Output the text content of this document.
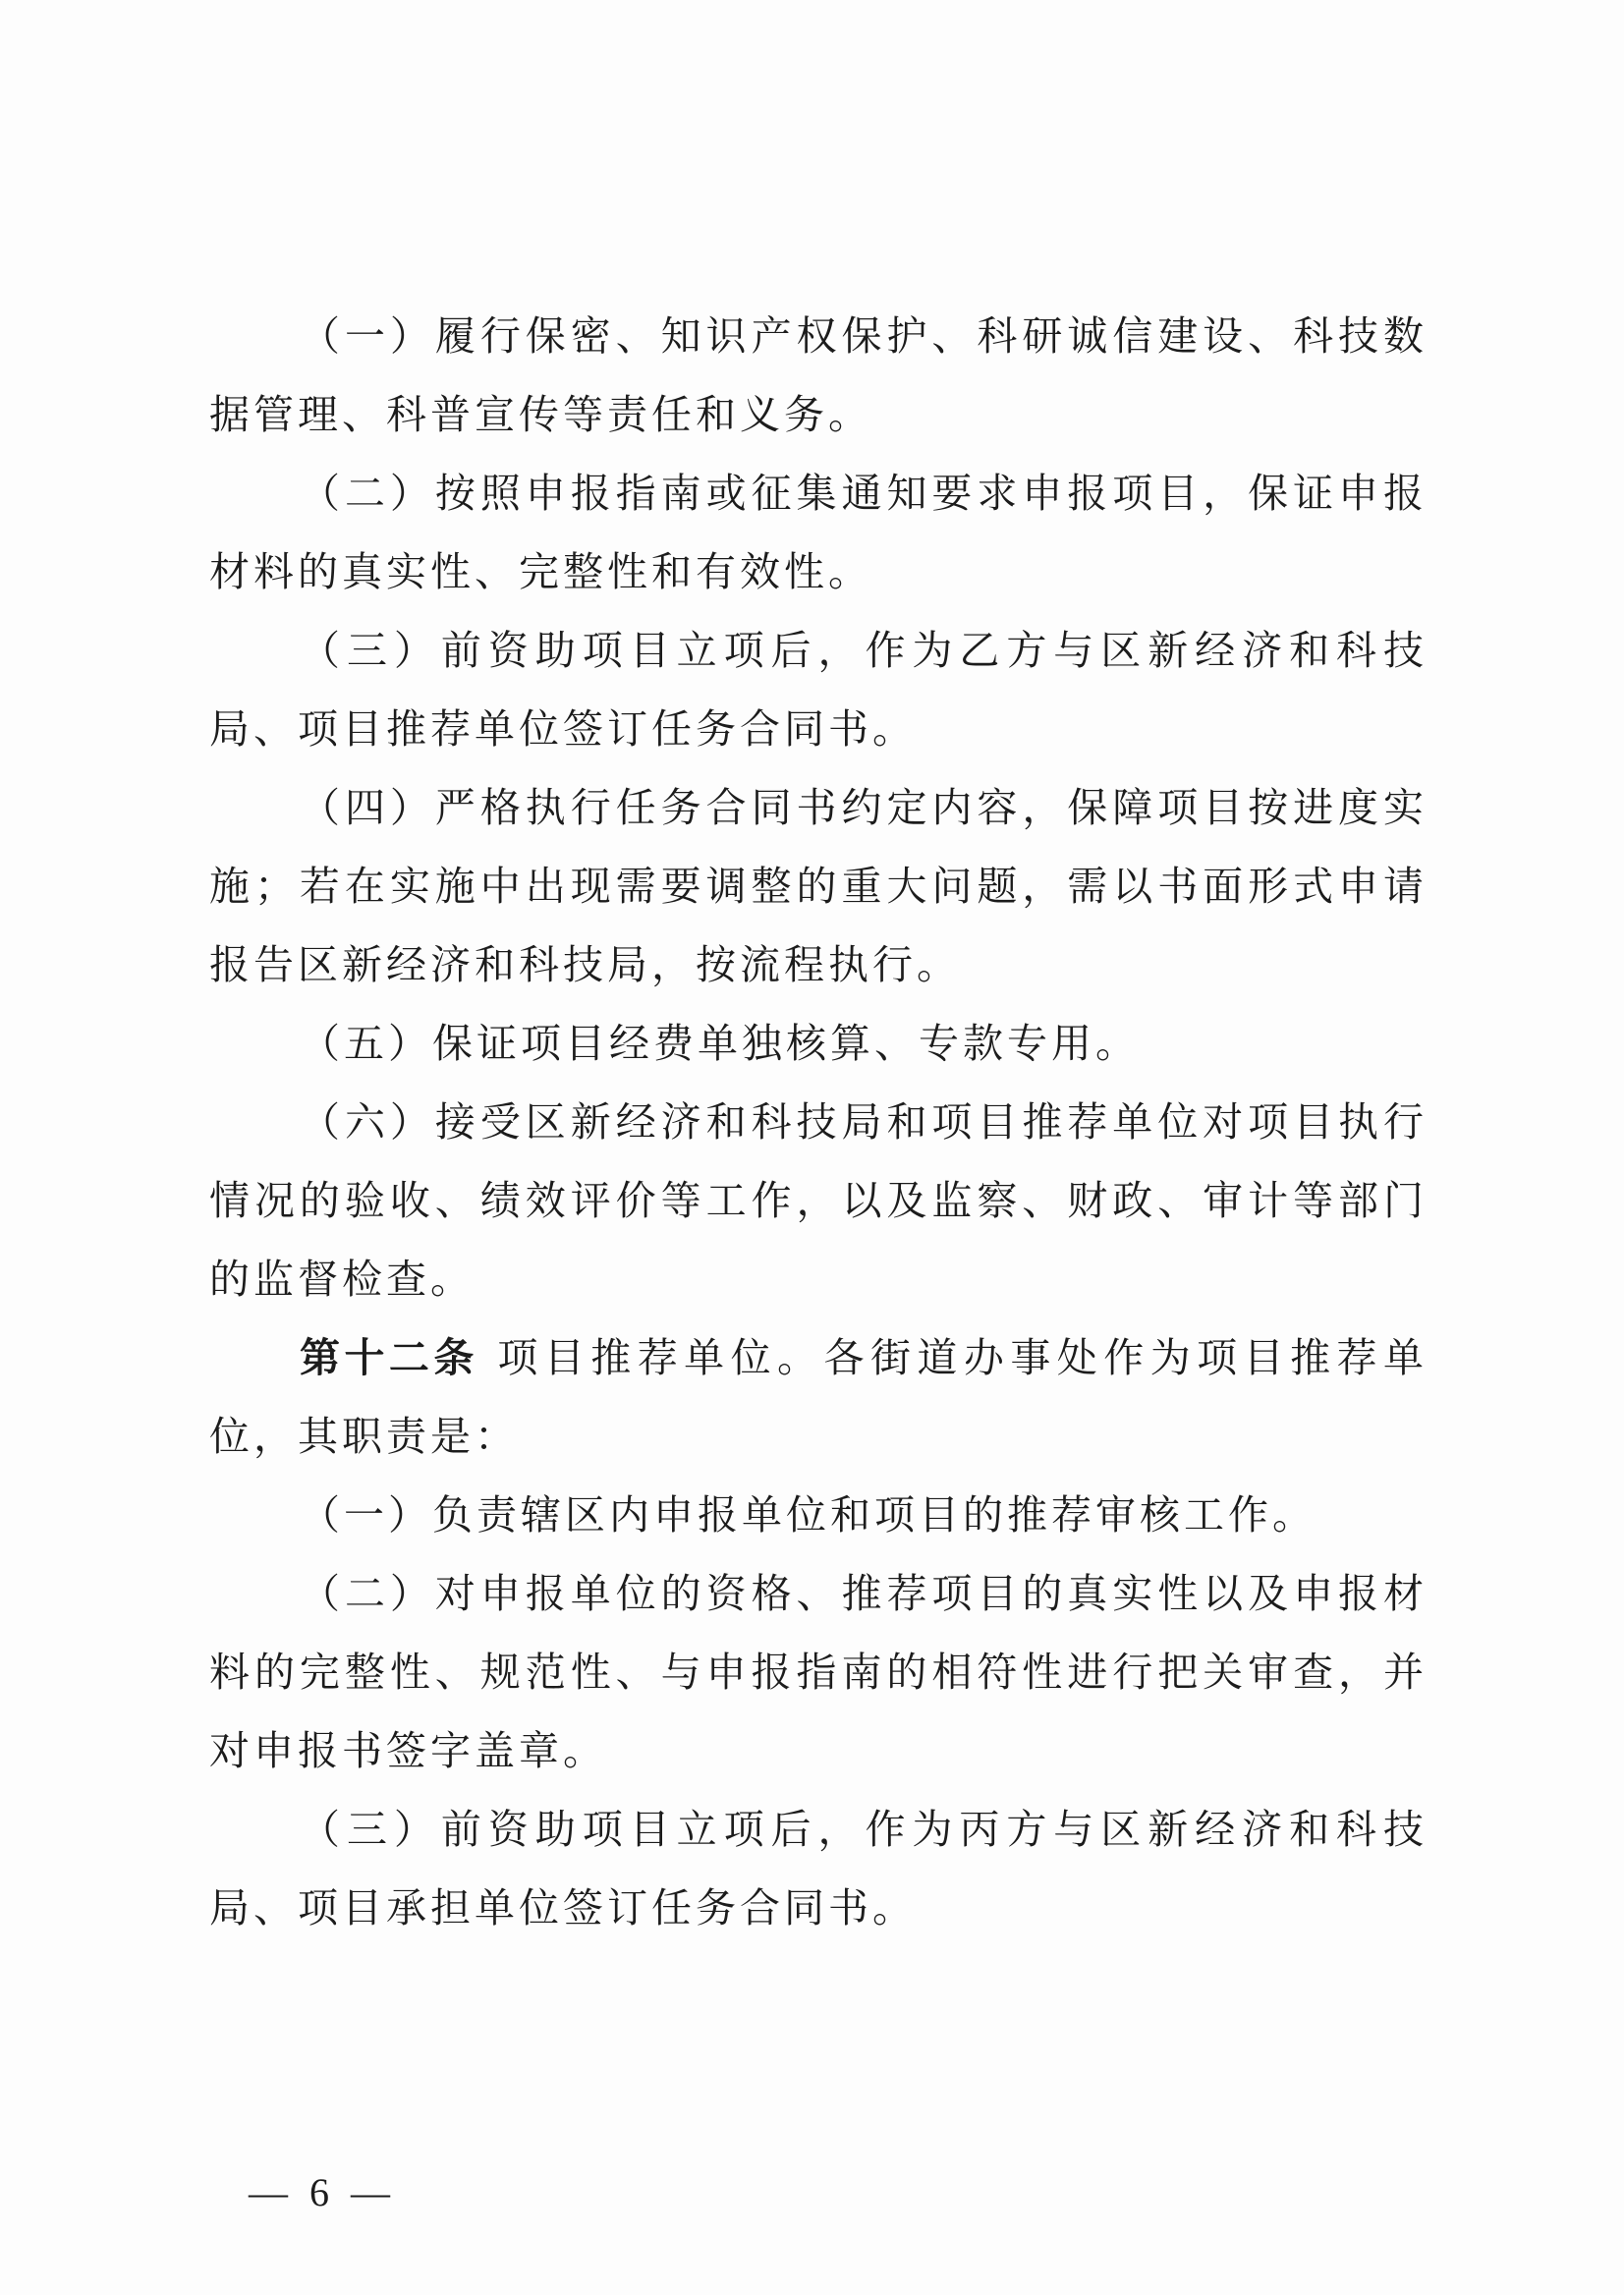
（一）履行保密、知识产权保护、科研诚信建设、科技数据管理、科普宣传等责任和义务。

（二）按照申报指南或征集通知要求申报项目，保证申报材料的真实性、完整性和有效性。

（三）前资助项目立项后，作为乙方与区新经济和科技局、项目推荐单位签订任务合同书。

（四）严格执行任务合同书约定内容，保障项目按进度实施；若在实施中出现需要调整的重大问题，需以书面形式申请报告区新经济和科技局，按流程执行。

（五）保证项目经费单独核算、专款专用。

（六）接受区新经济和科技局和项目推荐单位对项目执行情况的验收、绩效评价等工作，以及监察、财政、审计等部门的监督检查。

第十二条 项目推荐单位。各街道办事处作为项目推荐单位，其职责是：

（一）负责辖区内申报单位和项目的推荐审核工作。

（二）对申报单位的资格、推荐项目的真实性以及申报材料的完整性、规范性、与申报指南的相符性进行把关审查，并对申报书签字盖章。

（三）前资助项目立项后，作为丙方与区新经济和科技局、项目承担单位签订任务合同书。

— 6 —
